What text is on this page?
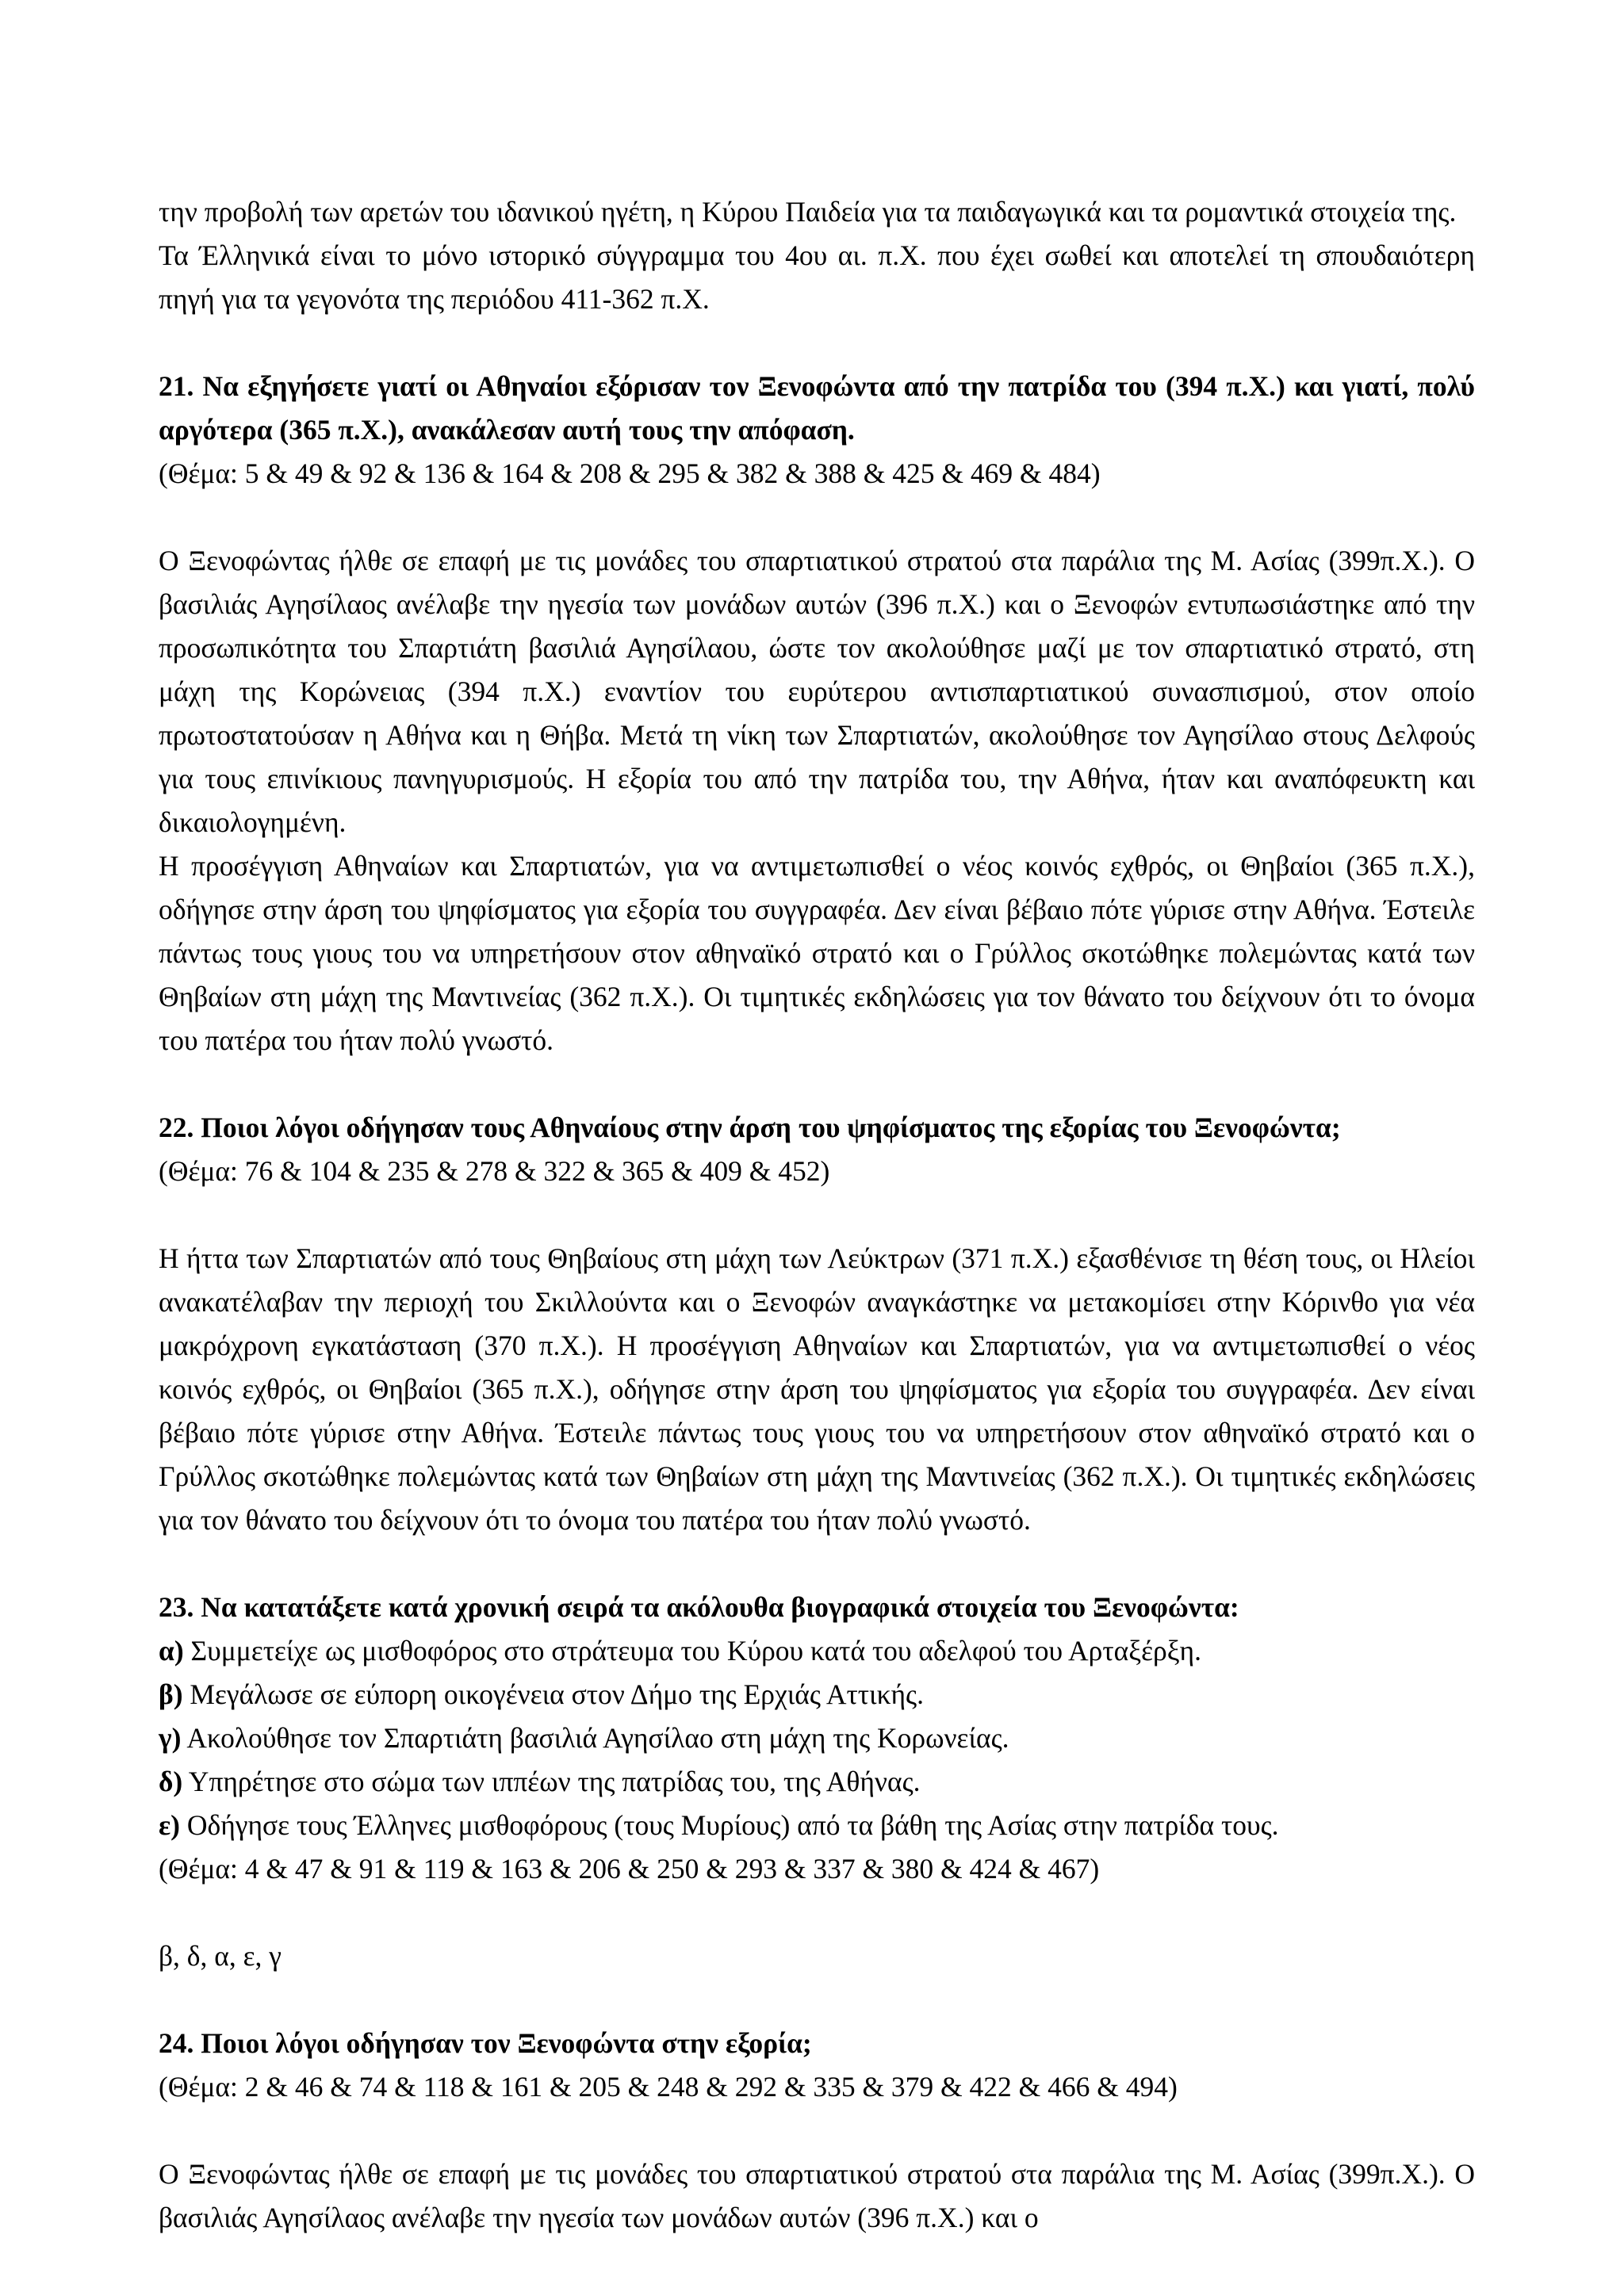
την προβολή των αρετών του ιδανικού ηγέτη, η Κύρου Παιδεία για τα παιδαγωγικά και τα ρομαντικά στοιχεία της.

Τα Έλληνικά είναι το μόνο ιστορικό σύγγραμμα του 4ου αι. π.Χ. που έχει σωθεί και αποτελεί τη σπουδαιότερη πηγή για τα γεγονότα της περιόδου 411-362 π.Χ.

21. Να εξηγήσετε γιατί οι Αθηναίοι εξόρισαν τον Ξενοφώντα από την πατρίδα του (394 π.Χ.) και γιατί, πολύ αργότερα (365 π.Χ.), ανακάλεσαν αυτή τους την απόφαση.

(Θέμα: 5 & 49 & 92 & 136 & 164 & 208 & 295 & 382 & 388 & 425 & 469 & 484)

Ο Ξενοφώντας ήλθε σε επαφή με τις μονάδες του σπαρτιατικού στρατού στα παράλια της Μ. Ασίας (399π.Χ.). Ο βασιλιάς Αγησίλαος ανέλαβε την ηγεσία των μονάδων αυτών (396 π.Χ.) και ο Ξενοφών εντυπωσιάστηκε από την προσωπικότητα του Σπαρτιάτη βασιλιά Αγησίλαου, ώστε τον ακολούθησε μαζί με τον σπαρτιατικό στρατό, στη μάχη της Κορώνειας (394 π.Χ.) εναντίον του ευρύτερου αντισπαρτιατικού συνασπισμού, στον οποίο πρωτοστατούσαν η Αθήνα και η Θήβα. Μετά τη νίκη των Σπαρτιατών, ακολούθησε τον Αγησίλαο στους Δελφούς για τους επινίκιους πανηγυρισμούς. Η εξορία του από την πατρίδα του, την Αθήνα, ήταν και αναπόφευκτη και δικαιολογημένη.

Η προσέγγιση Αθηναίων και Σπαρτιατών, για να αντιμετωπισθεί ο νέος κοινός εχθρός, οι Θηβαίοι (365 π.Χ.), οδήγησε στην άρση του ψηφίσματος για εξορία του συγγραφέα. Δεν είναι βέβαιο πότε γύρισε στην Αθήνα. Έστειλε πάντως τους γιους του να υπηρετήσουν στον αθηναϊκό στρατό και ο Γρύλλος σκοτώθηκε πολεμώντας κατά των Θηβαίων στη μάχη της Μαντινείας (362 π.Χ.). Οι τιμητικές εκδηλώσεις για τον θάνατο του δείχνουν ότι το όνομα του πατέρα του ήταν πολύ γνωστό.

22. Ποιοι λόγοι οδήγησαν τους Αθηναίους στην άρση του ψηφίσματος της εξορίας του Ξενοφώντα;

(Θέμα: 76 & 104 & 235 & 278 & 322 & 365 & 409 & 452)

Η ήττα των Σπαρτιατών από τους Θηβαίους στη μάχη των Λεύκτρων (371 π.Χ.) εξασθένισε τη θέση τους, οι Ηλείοι ανακατέλαβαν την περιοχή του Σκιλλούντα και ο Ξενοφών αναγκάστηκε να μετακομίσει στην Κόρινθο για νέα μακρόχρονη εγκατάσταση (370 π.Χ.). Η προσέγγιση Αθηναίων και Σπαρτιατών, για να αντιμετωπισθεί ο νέος κοινός εχθρός, οι Θηβαίοι (365 π.Χ.), οδήγησε στην άρση του ψηφίσματος για εξορία του συγγραφέα. Δεν είναι βέβαιο πότε γύρισε στην Αθήνα. Έστειλε πάντως τους γιους του να υπηρετήσουν στον αθηναϊκό στρατό και ο Γρύλλος σκοτώθηκε πολεμώντας κατά των Θηβαίων στη μάχη της Μαντινείας (362 π.Χ.). Οι τιμητικές εκδηλώσεις για τον θάνατο του δείχνουν ότι το όνομα του πατέρα του ήταν πολύ γνωστό.

23. Να κατατάξετε κατά χρονική σειρά τα ακόλουθα βιογραφικά στοιχεία του Ξενοφώντα:

α) Συμμετείχε ως μισθοφόρος στο στράτευμα του Κύρου κατά του αδελφού του Αρταξέρξη.

β) Μεγάλωσε σε εύπορη οικογένεια στον Δήμο της Ερχιάς Αττικής.

γ) Ακολούθησε τον Σπαρτιάτη βασιλιά Αγησίλαο στη μάχη της Κορωνείας.

δ) Υπηρέτησε στο σώμα των ιππέων της πατρίδας του, της Αθήνας.

ε) Οδήγησε τους Έλληνες μισθοφόρους (τους Μυρίους) από τα βάθη της Ασίας στην πατρίδα τους.

(Θέμα: 4 & 47 & 91 & 119 & 163 & 206 & 250 & 293 & 337 & 380 & 424 & 467)

β, δ, α, ε, γ

24. Ποιοι λόγοι οδήγησαν τον Ξενοφώντα στην εξορία;

(Θέμα: 2 & 46 & 74 & 118 & 161 & 205 & 248 & 292 & 335 & 379 & 422 & 466 & 494)

Ο Ξενοφώντας ήλθε σε επαφή με τις μονάδες του σπαρτιατικού στρατού στα παράλια της Μ. Ασίας (399π.Χ.). Ο βασιλιάς Αγησίλαος ανέλαβε την ηγεσία των μονάδων αυτών (396 π.Χ.) και ο
